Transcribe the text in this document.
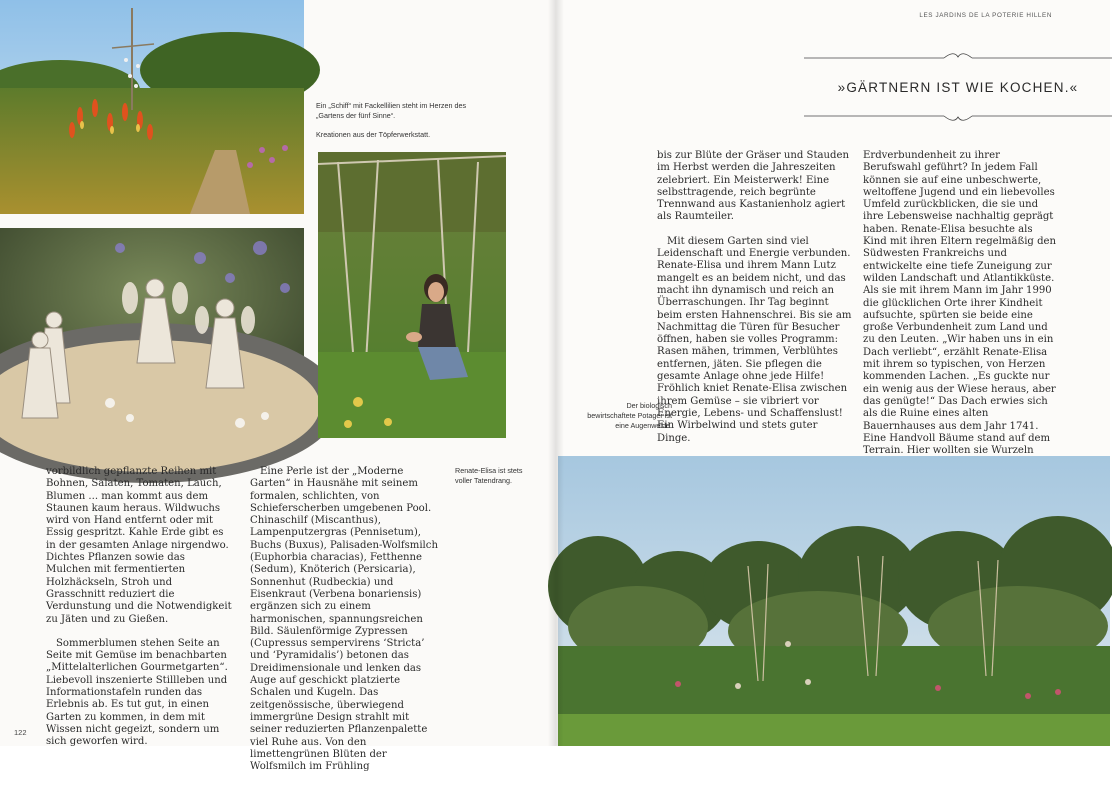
Ein „Schiff“ mit Fackellilien steht im Herzen des „Gartens der fünf Sinne“.

Kreationen aus der Töpferwerkstatt.

Renate-Elisa ist stets voller Tatendrang.

vorbildlich gepflanzte Reihen mit Bohnen, Salaten, Tomaten, Lauch, Blumen ... man kommt aus dem Staunen kaum heraus. Wildwuchs wird von Hand entfernt oder mit Essig gespritzt. Kahle Erde gibt es in der gesamten Anlage nirgendwo. Dichtes Pflanzen sowie das Mulchen mit fermentierten Holzhäckseln, Stroh und Grasschnitt reduziert die Verdunstung und die Notwendigkeit zu Jäten und zu Gießen.

Sommerblumen stehen Seite an Seite mit Gemüse im benachbarten „Mittelalterlichen Gourmetgarten“. Liebevoll inszenierte Stillleben und Informationstafeln runden das Erlebnis ab. Es tut gut, in einen Garten zu kommen, in dem mit Wissen nicht gegeizt, sondern um sich geworfen wird.

Eine Perle ist der „Moderne Garten“ in Hausnähe mit seinem formalen, schlichten, von Schieferscherben umgebenen Pool. Chinaschilf (Miscanthus), Lampenputzergras (Pennisetum), Buchs (Buxus), Palisaden-Wolfsmilch (Euphorbia characias), Fetthenne (Sedum), Knöterich (Persicaria), Sonnenhut (Rudbeckia) und Eisenkraut (Verbena bonariensis) ergänzen sich zu einem harmonischen, spannungsreichen Bild. Säulenförmige Zypressen (Cupressus sempervirens ‘Stricta’ und ‘Pyramidalis’) betonen das Dreidimensionale und lenken das Auge auf geschickt platzierte Schalen und Kugeln. Das zeitgenössische, überwiegend immergrüne Design strahlt mit seiner reduzierten Pflanzenpalette viel Ruhe aus. Von den limettengrünen Blüten der Wolfsmilch im Frühling

122
LES JARDINS DE LA POTERIE HILLEN
»GÄRTNERN IST WIE KOCHEN.«
Der biologisch bewirtschaftete Potager ist eine Augenweide.

bis zur Blüte der Gräser und Stauden im Herbst werden die Jahreszeiten zelebriert. Ein Meisterwerk! Eine selbsttragende, reich begrünte Trennwand aus Kastanienholz agiert als Raumteiler.

Mit diesem Garten sind viel Leidenschaft und Energie verbunden. Renate-Elisa und ihrem Mann Lutz mangelt es an beidem nicht, und das macht ihn dynamisch und reich an Überraschungen. Ihr Tag beginnt beim ersten Hahnenschrei. Bis sie am Nachmittag die Türen für Besucher öffnen, haben sie volles Programm: Rasen mähen, trimmen, Verblühtes entfernen, jäten. Sie pflegen die gesamte Anlage ohne jede Hilfe! Fröhlich kniet Renate-Elisa zwischen ihrem Gemüse – sie vibriert vor Energie, Lebens- und Schaffenslust! Ein Wirbelwind und stets guter Dinge.

Erdverbundenheit zu ihrer Berufswahl geführt? In jedem Fall können sie auf eine unbeschwerte, weltoffene Jugend und ein liebevolles Umfeld zurückblicken, die sie und ihre Lebensweise nachhaltig geprägt haben. Renate-Elisa besuchte als Kind mit ihren Eltern regelmäßig den Südwesten Frankreichs und entwickelte eine tiefe Zuneigung zur wilden Landschaft und Atlantikküste. Als sie mit ihrem Mann im Jahr 1990 die glücklichen Orte ihrer Kindheit aufsuchte, spürten sie beide eine große Verbundenheit zum Land und zu den Leuten. „Wir haben uns in ein Dach verliebt“, erzählt Renate-Elisa mit ihrem so typischen, von Herzen kommenden Lachen. „Es guckte nur ein wenig aus der Wiese heraus, aber das genügte!“ Das Dach erwies sich als die Ruine eines alten Bauernhauses aus dem Jahr 1741. Eine Handvoll Bäume stand auf dem Terrain. Hier wollten sie Wurzeln
